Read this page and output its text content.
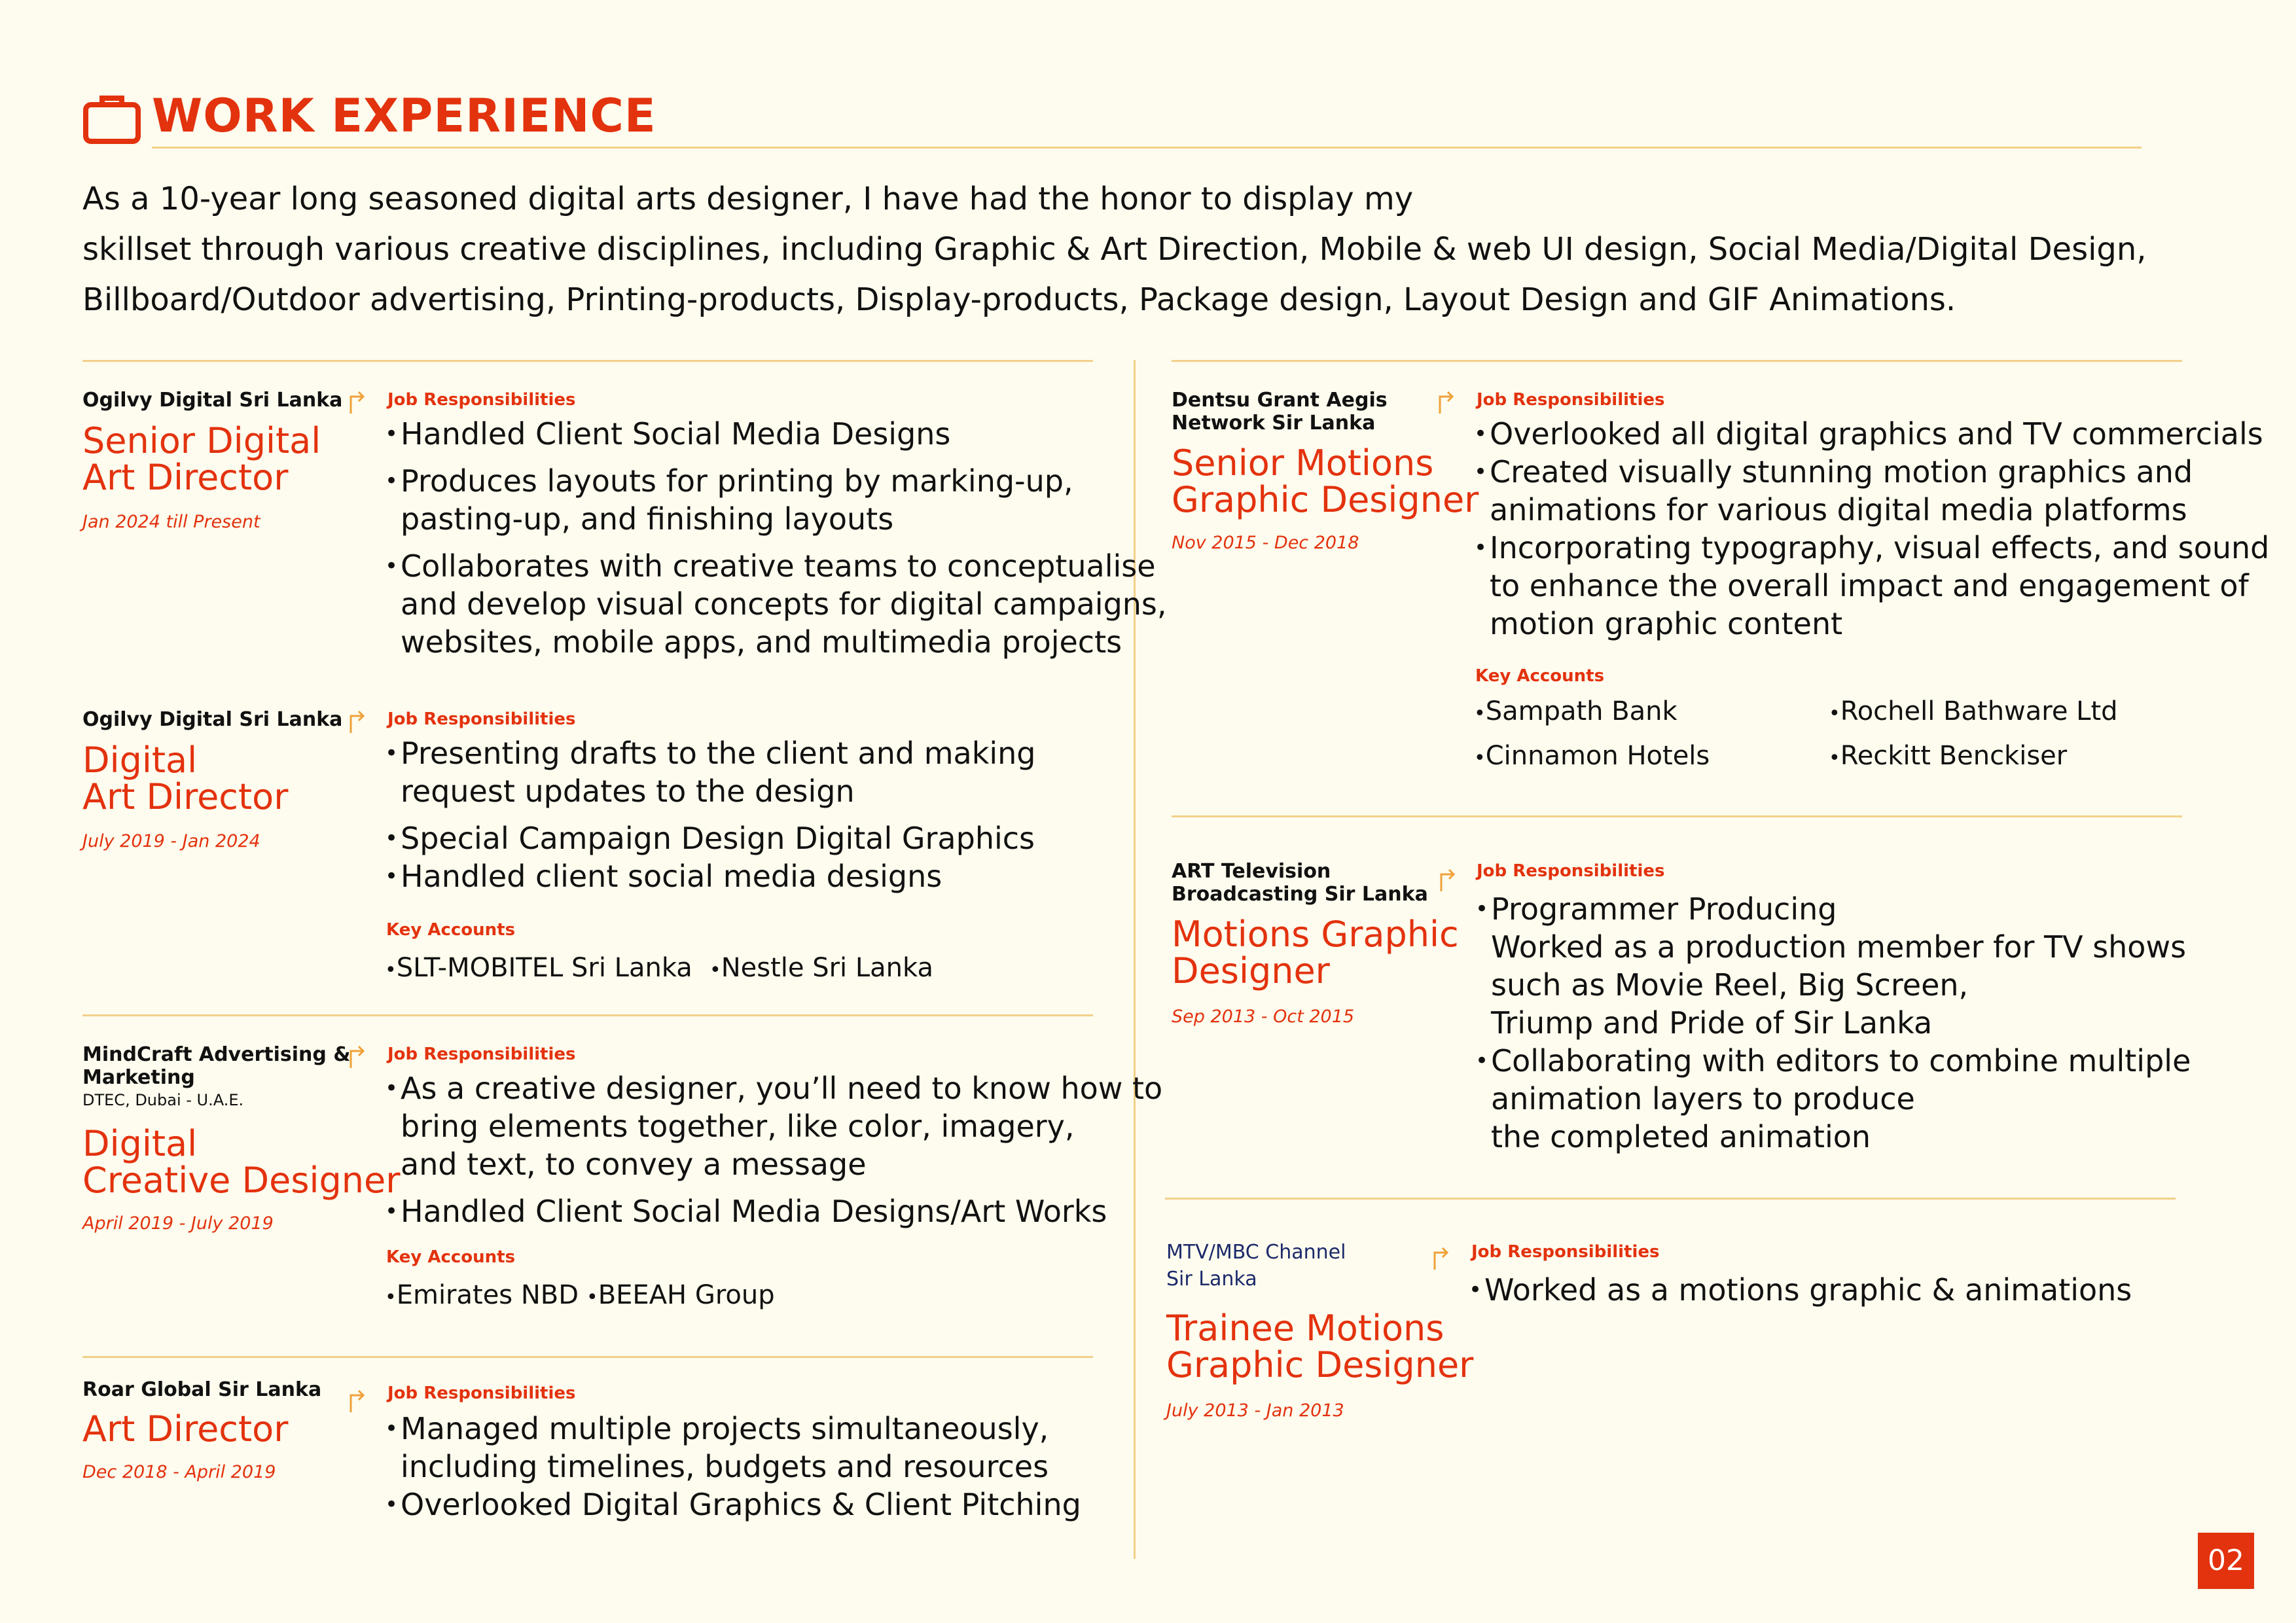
WORK EXPERIENCE
As a 10-year long seasoned digital arts designer, I have had the honor to display my
skillset through various creative disciplines, including Graphic & Art Direction, Mobile & web UI design, Social Media/Digital Design,
Billboard/Outdoor advertising, Printing-products, Display-products, Package design, Layout Design and GIF Animations.
Ogilvy Digital Sri Lanka
Senior Digital
Art Director
Jan 2024 till Present
Job Responsibilities
• Handled Client Social Media Designs
• Produces layouts for printing by marking-up,
pasting-up, and finishing layouts
• Collaborates with creative teams to conceptualise
and develop visual concepts for digital campaigns,
websites, mobile apps, and multimedia projects
Ogilvy Digital Sri Lanka
Digital
Art Director
July 2019 - Jan 2024
Job Responsibilities
• Presenting drafts to the client and making
request updates to the design
• Special Campaign Design Digital Graphics
• Handled client social media designs
Key Accounts
• SLT-MOBITEL Sri Lanka	• Nestle Sri Lanka
MindCraft Advertising &
Marketing
DTEC, Dubai - U.A.E.
Digital
Creative Designer
April 2019 - July 2019
Job Responsibilities
• As a creative designer, you’ll need to know how to
bring elements together, like color, imagery,
and text, to convey a message
• Handled Client Social Media Designs/Art Works
Key Accounts
• Emirates NBD • BEEAH Group
Roar Global Sir Lanka
Art Director
Dec 2018 - April 2019
Job Responsibilities
• Managed multiple projects simultaneously,
including timelines, budgets and resources
• Overlooked Digital Graphics & Client Pitching
Dentsu Grant Aegis
Network Sir Lanka
Senior Motions
Graphic Designer
Nov 2015 - Dec 2018
Job Responsibilities
• Overlooked all digital graphics and TV commercials
• Created visually stunning motion graphics and
animations for various digital media platforms
• Incorporating typography, visual effects, and sound
to enhance the overall impact and engagement of
motion graphic content
Key Accounts
• Sampath Bank	• Rochell Bathware Ltd
• Cinnamon Hotels	• Reckitt Benckiser
ART Television
Broadcasting Sir Lanka
Motions Graphic
Designer
Sep 2013 - Oct 2015
Job Responsibilities
• Programmer Producing
Worked as a production member for TV shows
such as Movie Reel, Big Screen,
Triump and Pride of Sir Lanka
• Collaborating with editors to combine multiple
animation layers to produce
the completed animation
MTV/MBC Channel
Sir Lanka
Trainee Motions
Graphic Designer
July 2013 - Jan 2013
Job Responsibilities
• Worked as a motions graphic & animations
02
